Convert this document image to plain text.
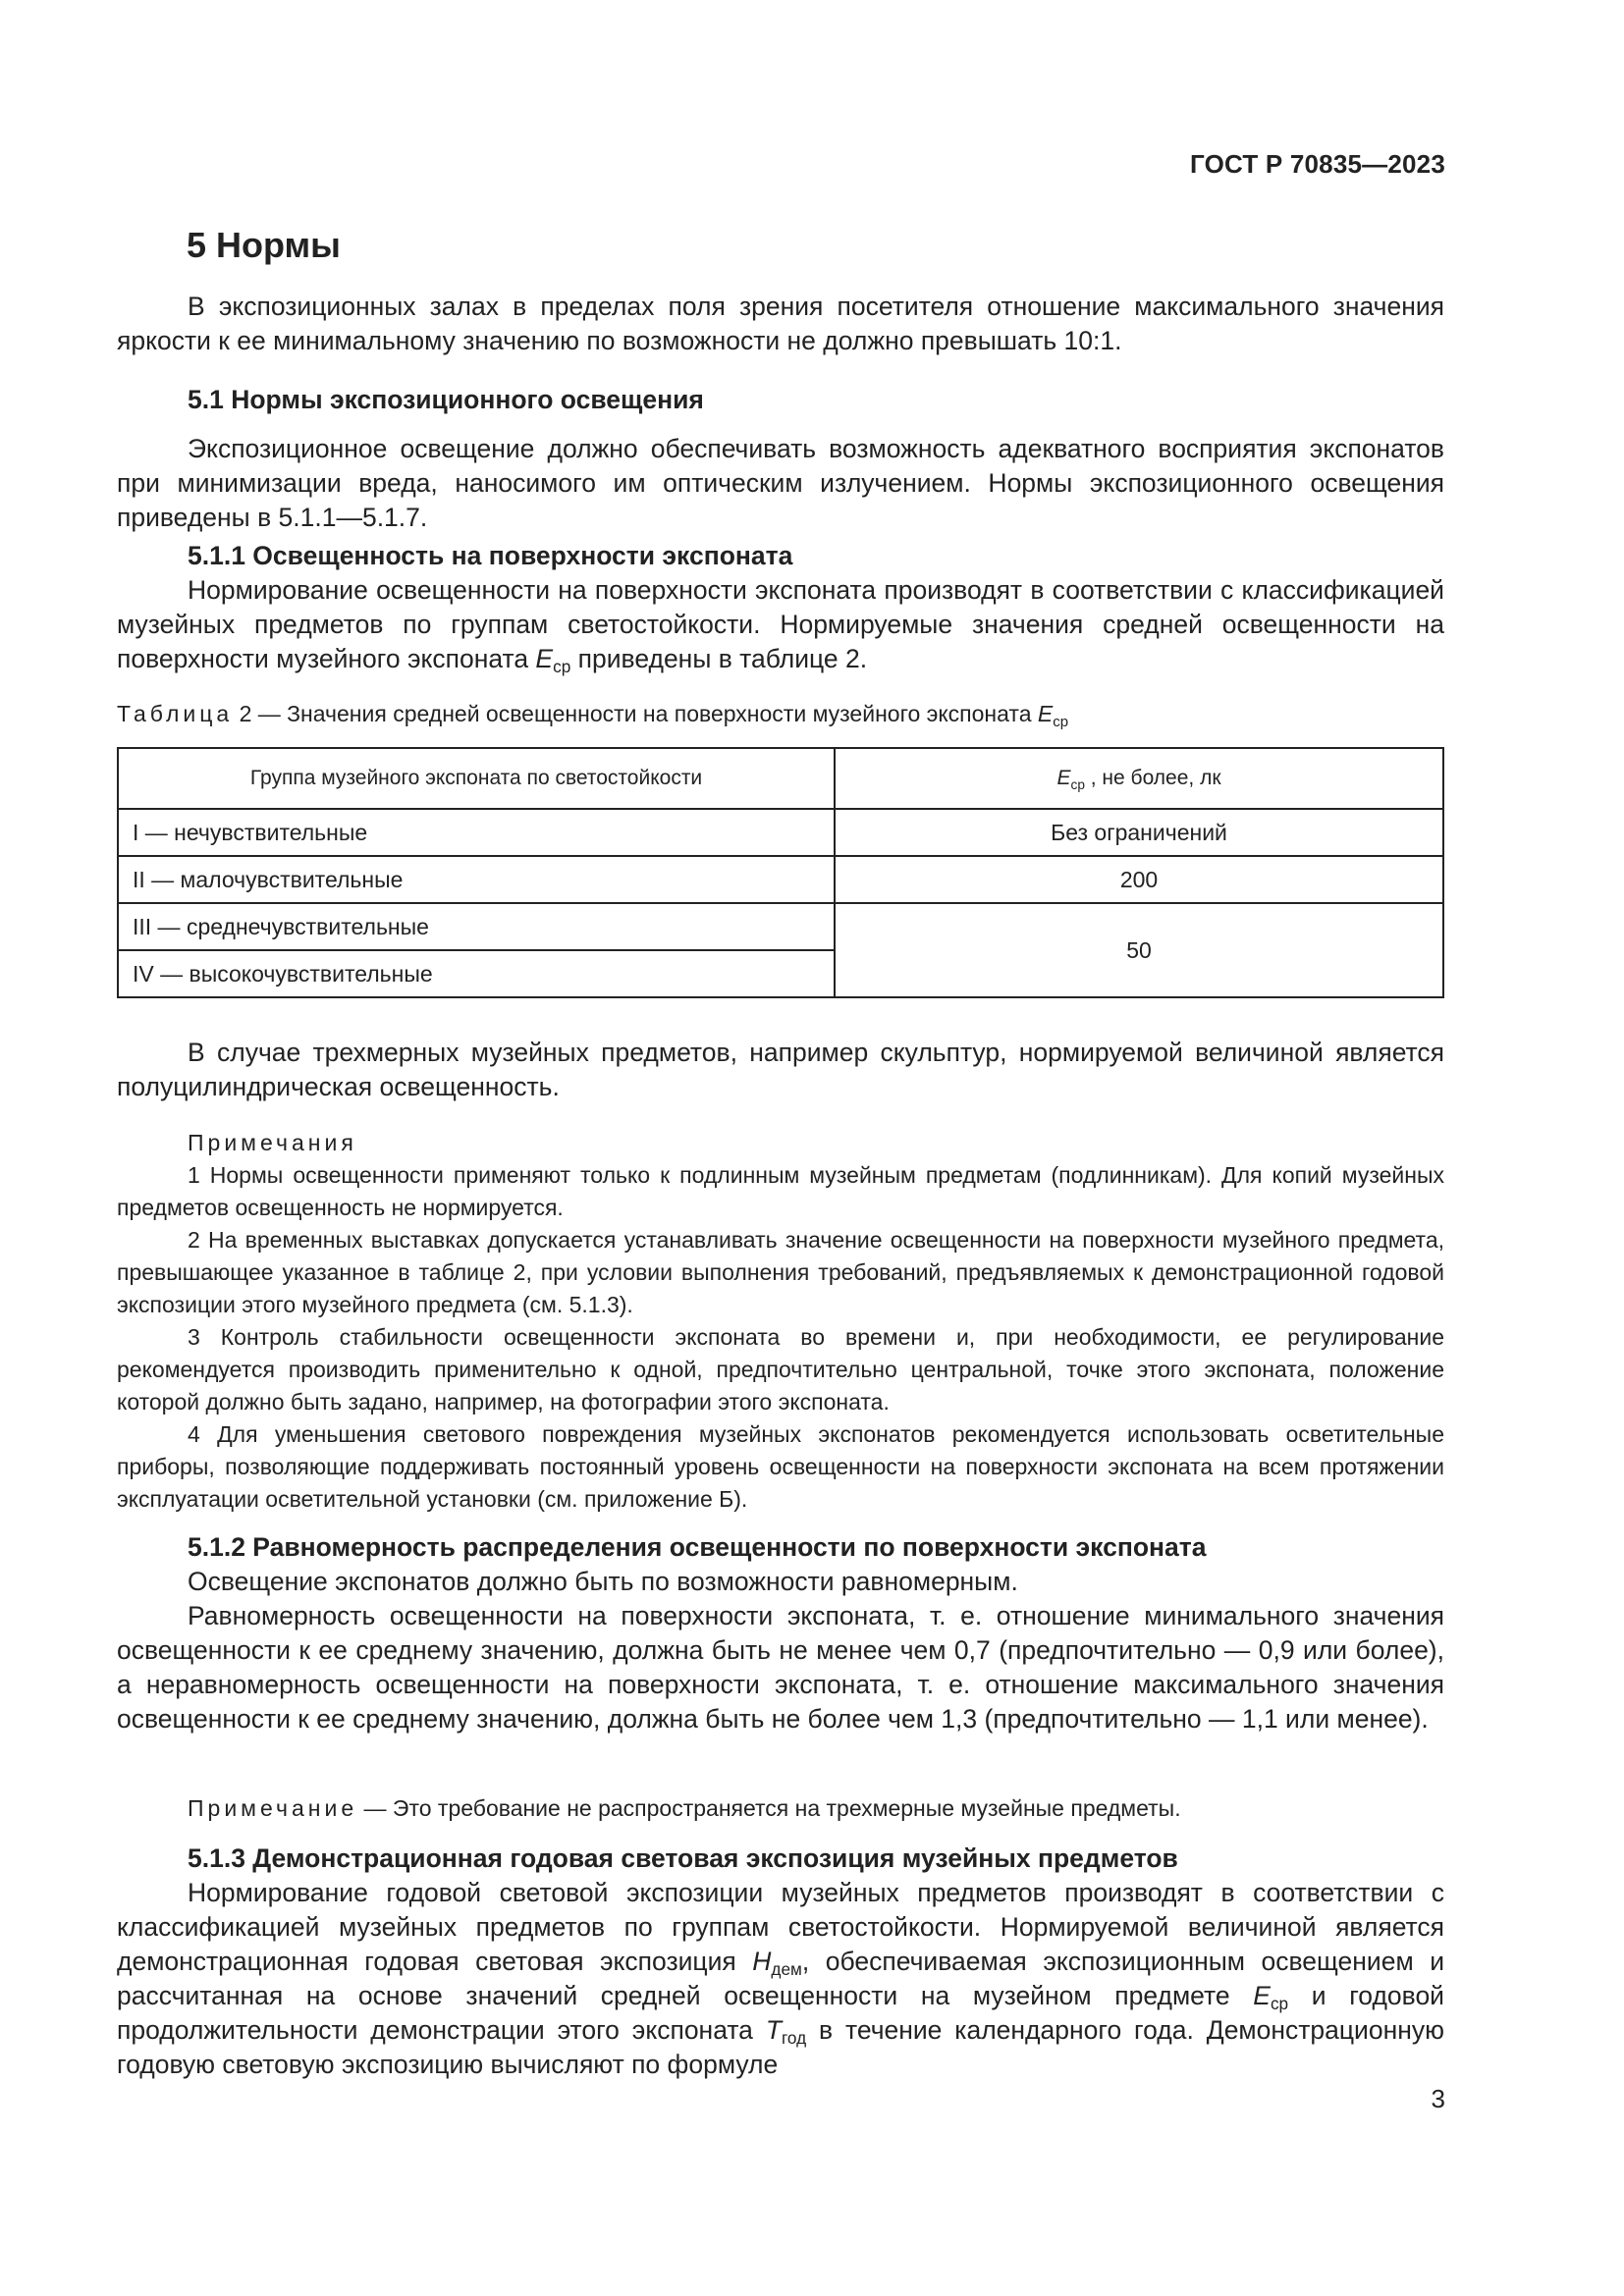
ГОСТ Р 70835—2023
5 Нормы
В экспозиционных залах в пределах поля зрения посетителя отношение максимального значения яркости к ее минимальному значению по возможности не должно превышать 10:1.
5.1 Нормы экспозиционного освещения
Экспозиционное освещение должно обеспечивать возможность адекватного восприятия экспонатов при минимизации вреда, наносимого им оптическим излучением. Нормы экспозиционного освещения приведены в 5.1.1—5.1.7.
5.1.1 Освещенность на поверхности экспоната
Нормирование освещенности на поверхности экспоната производят в соответствии с классификацией музейных предметов по группам светостойкости. Нормируемые значения средней освещенности на поверхности музейного экспоната $E_{ср}$ приведены в таблице 2.
Таблица 2 — Значения средней освещенности на поверхности музейного экспоната $E_{ср}$
Группа музейного экспоната по светостойкости	$E_{ср}$ , не более, лк
I — нечувствительные	Без ограничений
II — малочувствительные	200
III — среднечувствительные	50
IV — высокочувствительные	
В случае трехмерных музейных предметов, например скульптур, нормируемой величиной является полуцилиндрическая освещенность.
Примечания
1 Нормы освещенности применяют только к подлинным музейным предметам (подлинникам). Для копий музейных предметов освещенность не нормируется.
2 На временных выставках допускается устанавливать значение освещенности на поверхности музейного предмета, превышающее указанное в таблице 2, при условии выполнения требований, предъявляемых к демонстрационной годовой экспозиции этого музейного предмета (см. 5.1.3).
3 Контроль стабильности освещенности экспоната во времени и, при необходимости, ее регулирование рекомендуется производить применительно к одной, предпочтительно центральной, точке этого экспоната, положение которой должно быть задано, например, на фотографии этого экспоната.
4 Для уменьшения светового повреждения музейных экспонатов рекомендуется использовать осветительные приборы, позволяющие поддерживать постоянный уровень освещенности на поверхности экспоната на всем протяжении эксплуатации осветительной установки (см. приложение Б).
5.1.2 Равномерность распределения освещенности по поверхности экспоната
Освещение экспонатов должно быть по возможности равномерным.
Равномерность освещенности на поверхности экспоната, т. е. отношение минимального значения освещенности к ее среднему значению, должна быть не менее чем 0,7 (предпочтительно — 0,9 или более), а неравномерность освещенности на поверхности экспоната, т. е. отношение максимального значения освещенности к ее среднему значению, должна быть не более чем 1,3 (предпочтительно — 1,1 или менее).
Примечание — Это требование не распространяется на трехмерные музейные предметы.
5.1.3 Демонстрационная годовая световая экспозиция музейных предметов
Нормирование годовой световой экспозиции музейных предметов производят в соответствии с классификацией музейных предметов по группам светостойкости. Нормируемой величиной является демонстрационная годовая световая экспозиция $H_{дем}$, обеспечиваемая экспозиционным освещением и рассчитанная на основе значений средней освещенности на музейном предмете $E_{ср}$ и годовой продолжительности демонстрации этого экспоната $T_{год}$ в течение календарного года. Демонстрационную годовую световую экспозицию вычисляют по формуле
3
